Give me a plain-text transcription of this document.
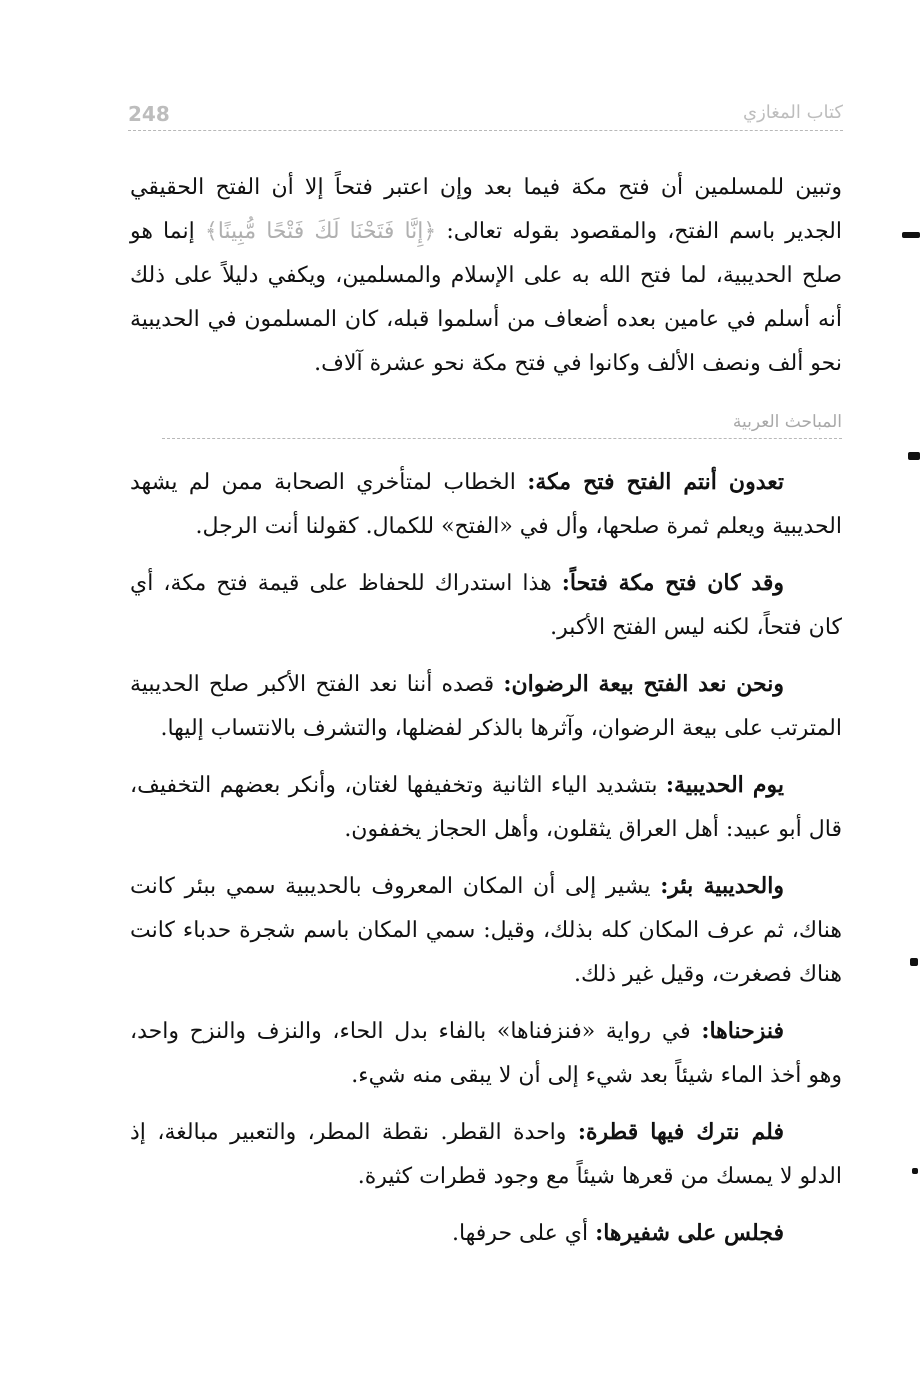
248	كتاب المغازي
وتبين للمسلمين أن فتح مكة فيما بعد وإن اعتبر فتحاً إلا أن الفتح الحقيقي الجدير باسم الفتح، والمقصود بقوله تعالى: ﴿إِنَّا فَتَحْنَا لَكَ فَتْحًا مُّبِينًا﴾ إنما هو صلح الحديبية، لما فتح الله به على الإسلام والمسلمين، ويكفي دليلاً على ذلك أنه أسلم في عامين بعده أضعاف من أسلموا قبله، كان المسلمون في الحديبية نحو ألف ونصف الألف وكانوا في فتح مكة نحو عشرة آلاف.
المباحث العربية

تعدون أنتم الفتح فتح مكة: الخطاب لمتأخري الصحابة ممن لم يشهد الحديبية ويعلم ثمرة صلحها، وأل في «الفتح» للكمال. كقولنا أنت الرجل.

وقد كان فتح مكة فتحاً: هذا استدراك للحفاظ على قيمة فتح مكة، أي كان فتحاً، لكنه ليس الفتح الأكبر.

ونحن نعد الفتح بيعة الرضوان: قصده أننا نعد الفتح الأكبر صلح الحديبية المترتب على بيعة الرضوان، وآثرها بالذكر لفضلها، والتشرف بالانتساب إليها.

يوم الحديبية: بتشديد الياء الثانية وتخفيفها لغتان، وأنكر بعضهم التخفيف، قال أبو عبيد: أهل العراق يثقلون، وأهل الحجاز يخففون.

والحديبية بئر: يشير إلى أن المكان المعروف بالحديبية سمي ببئر كانت هناك، ثم عرف المكان كله بذلك، وقيل: سمي المكان باسم شجرة حدباء كانت هناك فصغرت، وقيل غير ذلك.

فنزحناها: في رواية «فنزفناها» بالفاء بدل الحاء، والنزف والنزح واحد، وهو أخذ الماء شيئاً بعد شيء إلى أن لا يبقى منه شيء.

فلم نترك فيها قطرة: واحدة القطر. نقطة المطر، والتعبير مبالغة، إذ الدلو لا يمسك من قعرها شيئاً مع وجود قطرات كثيرة.

فجلس على شفيرها: أي على حرفها.
